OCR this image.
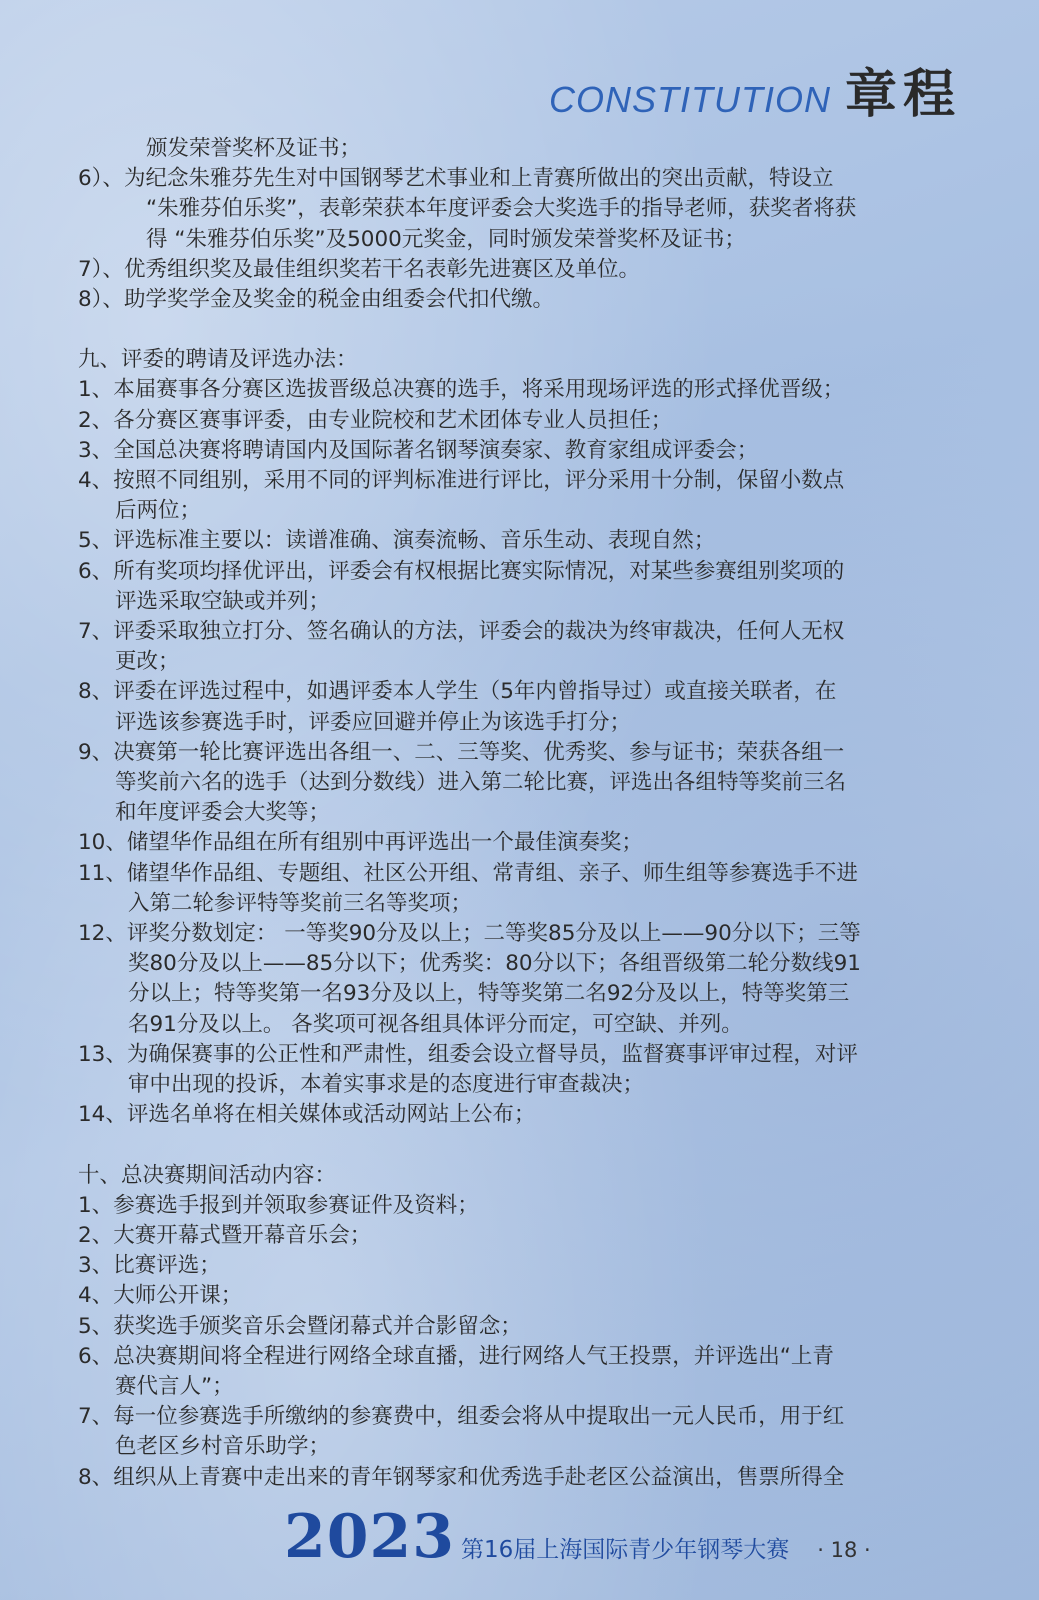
CONSTITUTION 章程
颁发荣誉奖杯及证书；
6）、 为纪念朱雅芬先生对中国钢琴艺术事业和上青赛所做出的突出贡献，特设立
“朱雅芬伯乐奖”，表彰荣获本年度评委会大奖选手的指导老师，获奖者将获
得 “朱雅芬伯乐奖”及5000元奖金，同时颁发荣誉奖杯及证书；
7）、 优秀组织奖及最佳组织奖若干名表彰先进赛区及单位。
8）、 助学奖学金及奖金的税金由组委会代扣代缴。
九、评委的聘请及评选办法：
1、 本届赛事各分赛区选拔晋级总决赛的选手，将采用现场评选的形式择优晋级；
2、 各分赛区赛事评委，由专业院校和艺术团体专业人员担任；
3、 全国总决赛将聘请国内及国际著名钢琴演奏家、教育家组成评委会；
4、 按照不同组别，采用不同的评判标准进行评比，评分采用十分制，保留小数点
后两位；
5、 评选标准主要以：读谱准确、演奏流畅、音乐生动、表现自然；
6、 所有奖项均择优评出，评委会有权根据比赛实际情况，对某些参赛组别奖项的
评选采取空缺或并列；
7、 评委采取独立打分、签名确认的方法，评委会的裁决为终审裁决，任何人无权
更改；
8、 评委在评选过程中，如遇评委本人学生（5年内曾指导过）或直接关联者，在
评选该参赛选手时，评委应回避并停止为该选手打分；
9、 决赛第一轮比赛评选出各组一、二、三等奖、优秀奖、参与证书；荣获各组一
等奖前六名的选手（达到分数线）进入第二轮比赛，评选出各组特等奖前三名
和年度评委会大奖等；
10、 储望华作品组在所有组别中再评选出一个最佳演奏奖；
11、 储望华作品组、专题组、社区公开组、常青组、亲子、师生组等参赛选手不进
入第二轮参评特等奖前三名等奖项；
12、 评奖分数划定： 一等奖90分及以上；二等奖85分及以上——90分以下；三等
奖80分及以上——85分以下；优秀奖：80分以下；各组晋级第二轮分数线91
分以上；特等奖第一名93分及以上，特等奖第二名92分及以上，特等奖第三
名91分及以上。 各奖项可视各组具体评分而定，可空缺、并列。
13、 为确保赛事的公正性和严肃性，组委会设立督导员，监督赛事评审过程，对评
审中出现的投诉，本着实事求是的态度进行审查裁决；
14、 评选名单将在相关媒体或活动网站上公布；
十、总决赛期间活动内容：
1、 参赛选手报到并领取参赛证件及资料；
2、 大赛开幕式暨开幕音乐会；
3、 比赛评选；
4、 大师公开课；
5、 获奖选手颁奖音乐会暨闭幕式并合影留念；
6、 总决赛期间将全程进行网络全球直播，进行网络人气王投票，并评选出“上青
赛代言人”；
7、 每一位参赛选手所缴纳的参赛费中，组委会将从中提取出一元人民币，用于红
色老区乡村音乐助学；
8、 组织从上青赛中走出来的青年钢琴家和优秀选手赴老区公益演出，售票所得全
2023 第16届上海国际青少年钢琴大赛 · 18 ·
